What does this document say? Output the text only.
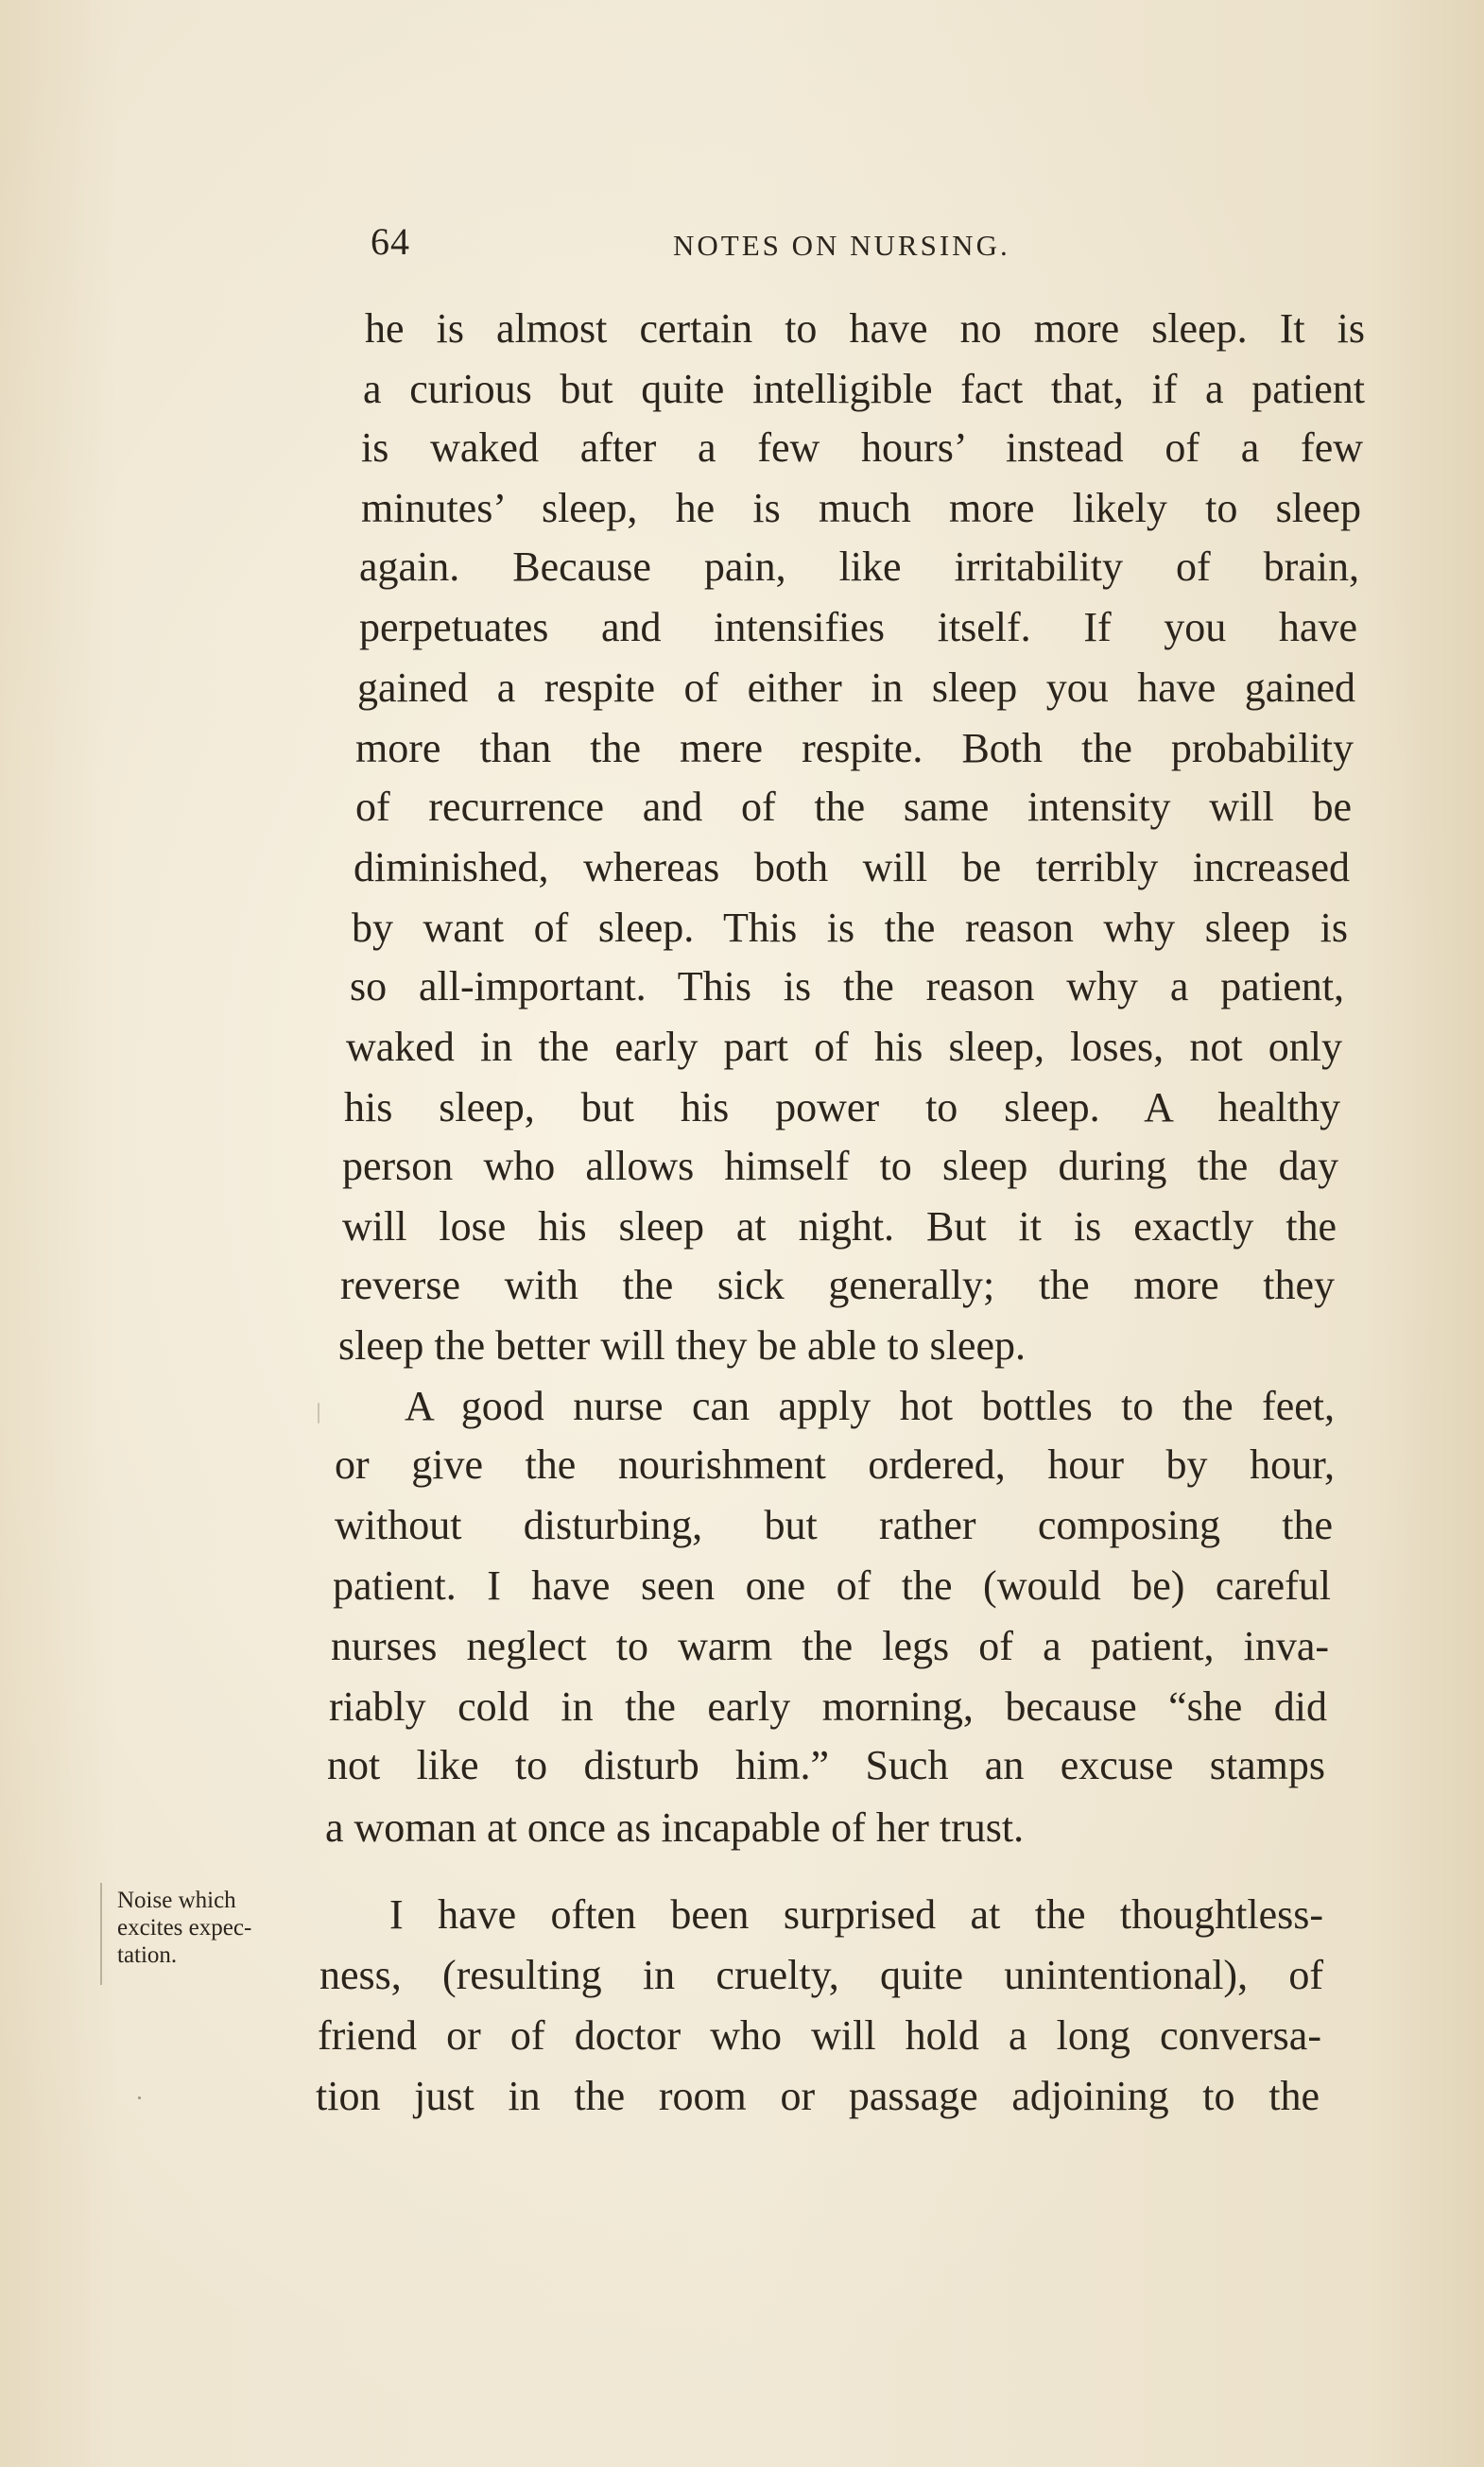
64	NOTES ON NURSING.
Noise which
excites expec-
tation.
he is almost certain to have no more sleep. It is
a curious but quite intelligible fact that, if a patient
is waked after a few hours’ instead of a few
minutes’ sleep, he is much more likely to sleep
again. Because pain, like irritability of brain,
perpetuates and intensifies itself. If you have
gained a respite of either in sleep you have gained
more than the mere respite. Both the probability
of recurrence and of the same intensity will be
diminished, whereas both will be terribly increased
by want of sleep. This is the reason why sleep is
so all-important. This is the reason why a patient,
waked in the early part of his sleep, loses, not only
his sleep, but his power to sleep. A healthy
person who allows himself to sleep during the day
will lose his sleep at night. But it is exactly the
reverse with the sick generally; the more they
sleep the better will they be able to sleep.
A good nurse can apply hot bottles to the feet,
or give the nourishment ordered, hour by hour,
without disturbing, but rather composing the
patient. I have seen one of the (would be) careful
nurses neglect to warm the legs of a patient, inva-
riably cold in the early morning, because “she did
not like to disturb him.” Such an excuse stamps
a woman at once as incapable of her trust.
I have often been surprised at the thoughtless-
ness, (resulting in cruelty, quite unintentional), of
friend or of doctor who will hold a long conversa-
tion just in the room or passage adjoining to the
